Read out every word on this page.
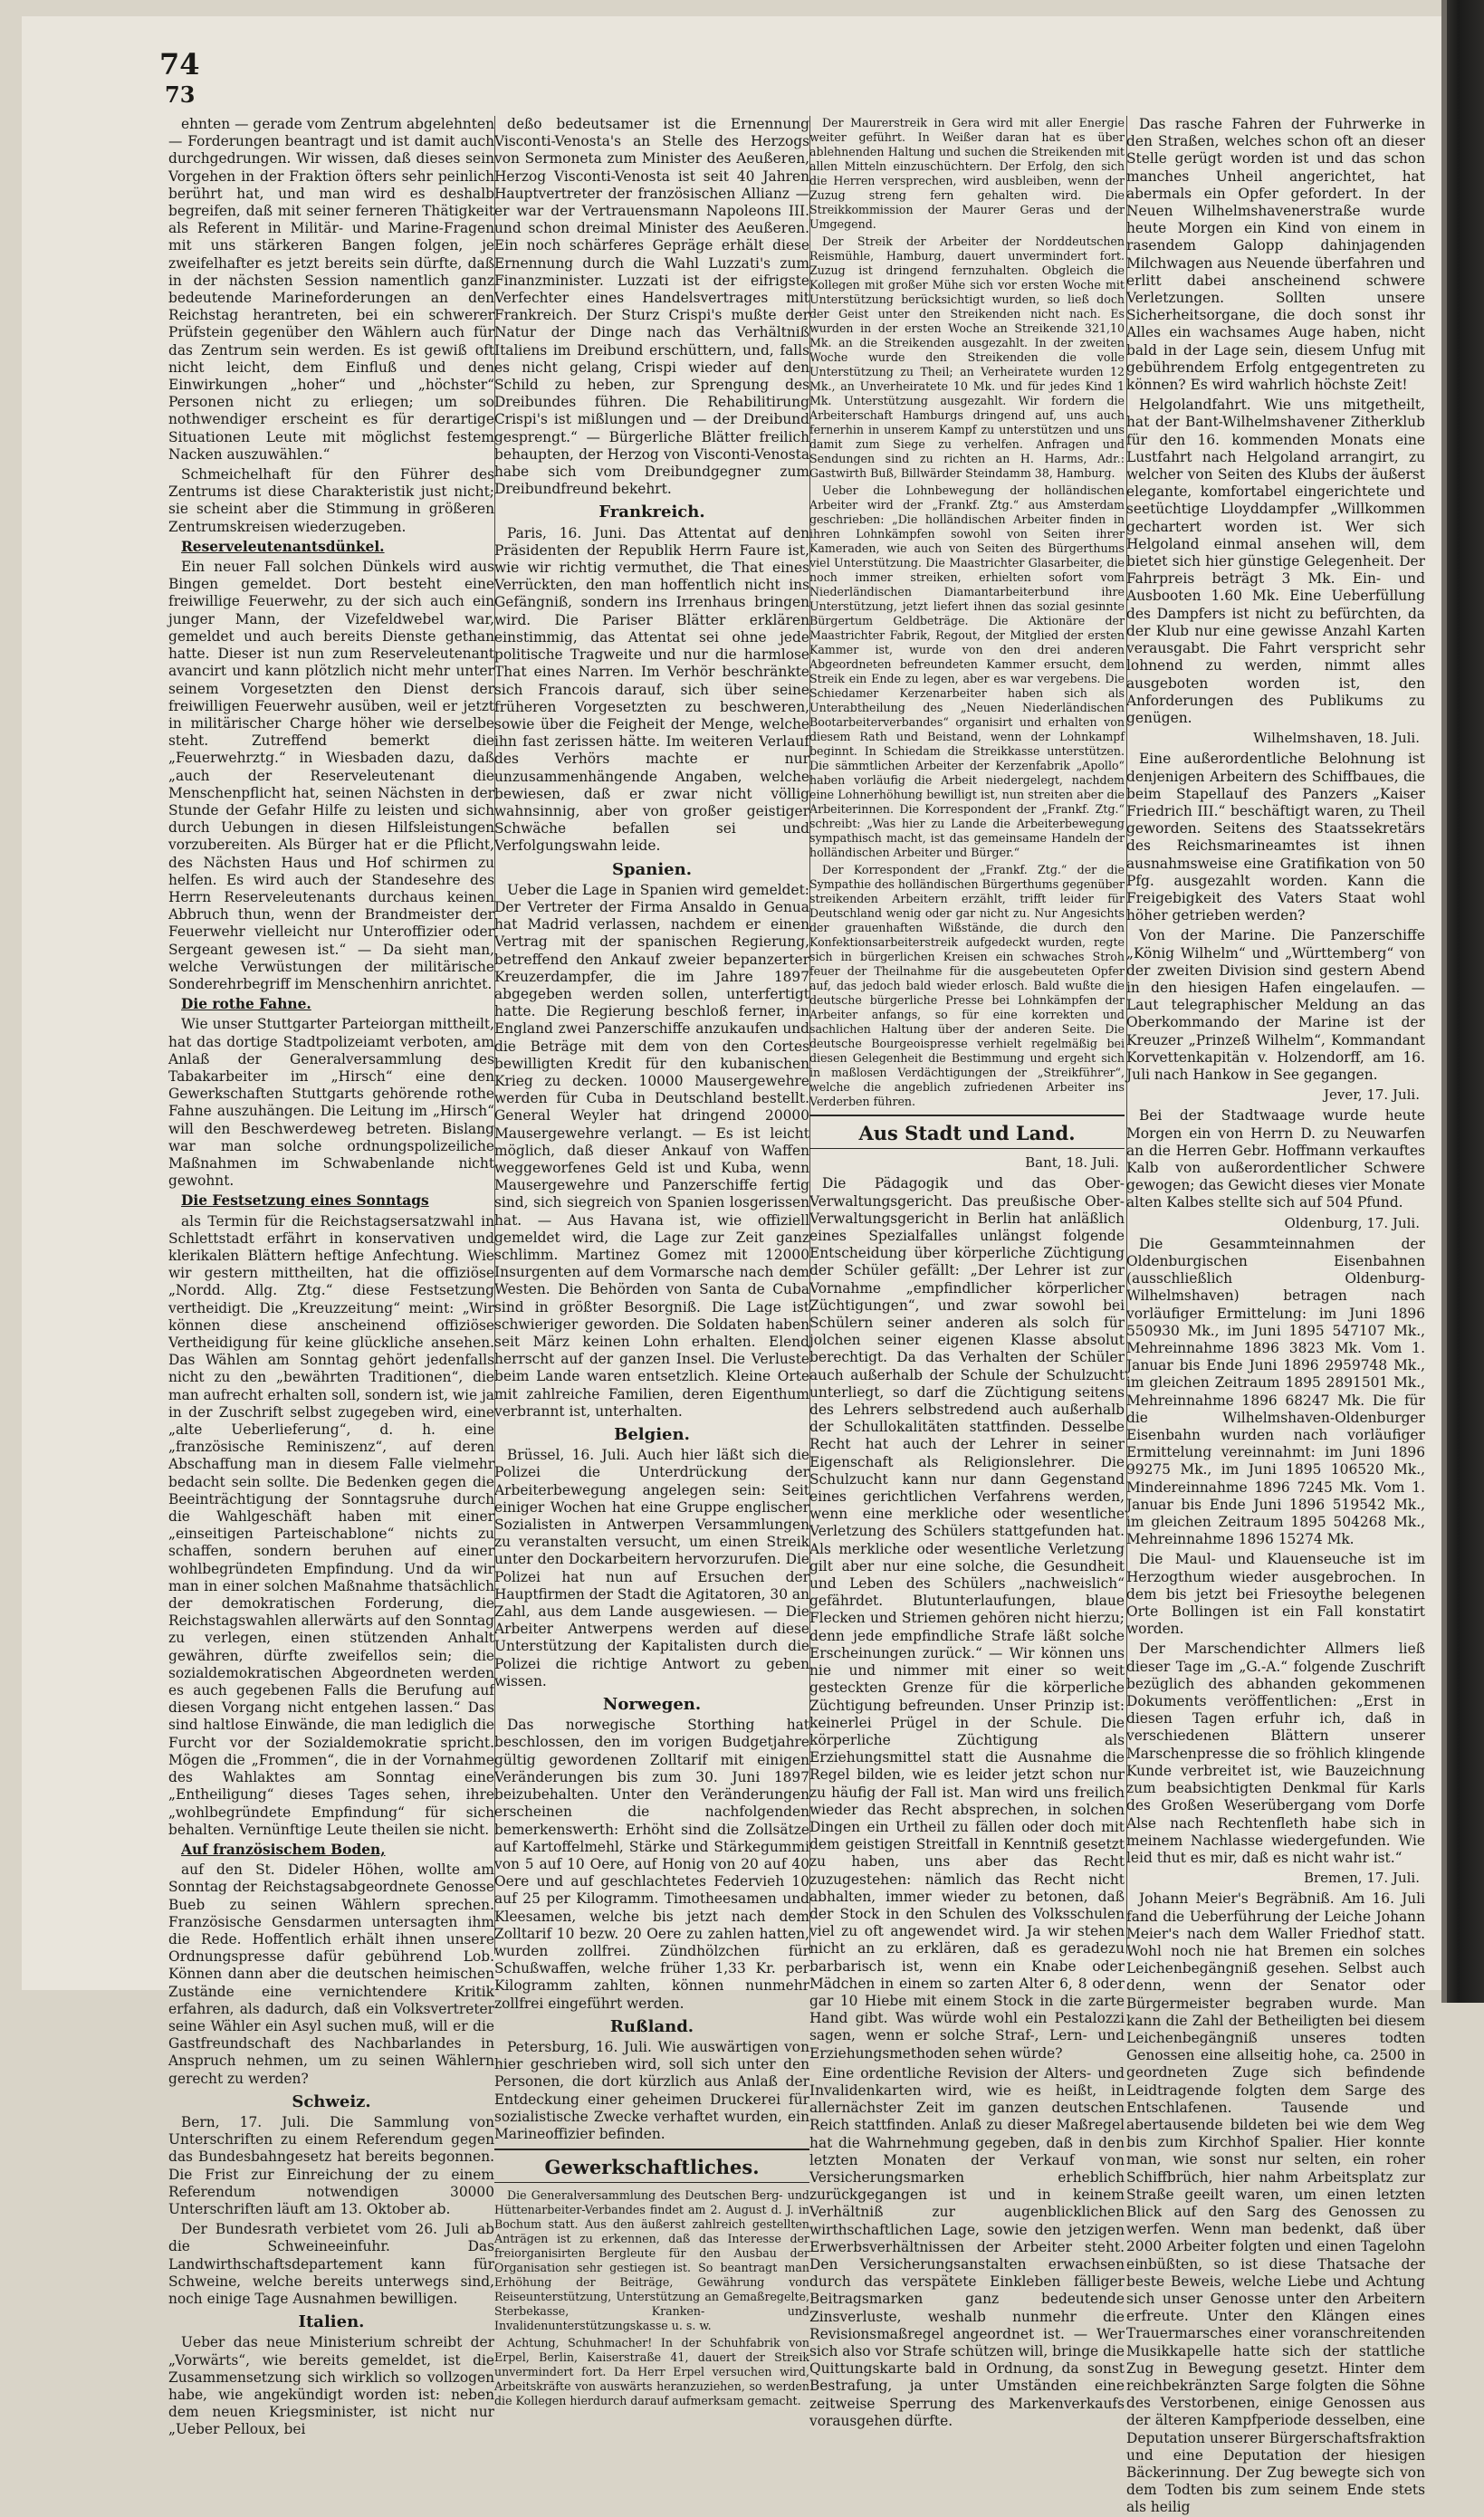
74
73

ehnten — gerade vom Zentrum abgelehnten — Forderungen beantragt und ist damit auch durchgedrungen. Wir wissen, daß dieses sein Vorgehen in der Fraktion öfters sehr peinlich berührt hat, und man wird es deshalb begreifen, daß mit seiner ferneren Thätigkeit als Referent in Militär- und Marine-Fragen mit uns stärkeren Bangen folgen, je zweifelhafter es jetzt bereits sein dürfte, daß in der nächsten Session namentlich ganz bedeutende Marineforderungen an den Reichstag herantreten, bei ein schwerer Prüfstein gegenüber den Wählern auch für das Zentrum sein werden. Es ist gewiß oft nicht leicht, dem Einfluß und den Einwirkungen „hoher“ und „höchster“ Personen nicht zu erliegen; um so nothwendiger erscheint es für derartige Situationen Leute mit möglichst festem Nacken auszuwählen.“

Schmeichelhaft für den Führer des Zentrums ist diese Charakteristik just nicht; sie scheint aber die Stimmung in größeren Zentrumskreisen wiederzugeben.

Reserveleutenantsdünkel.

Ein neuer Fall solchen Dünkels wird aus Bingen gemeldet. Dort besteht eine freiwillige Feuerwehr, zu der sich auch ein junger Mann, der Vizefeldwebel war, gemeldet und auch bereits Dienste gethan hatte. Dieser ist nun zum Reserveleutenant avancirt und kann plötzlich nicht mehr unter seinem Vorgesetzten den Dienst der freiwilligen Feuerwehr ausüben, weil er jetzt in militärischer Charge höher wie derselbe steht. Zutreffend bemerkt die „Feuerwehrztg.“ in Wiesbaden dazu, daß „auch der Reserveleutenant die Menschenpflicht hat, seinen Nächsten in der Stunde der Gefahr Hilfe zu leisten und sich durch Uebungen in diesen Hilfsleistungen vorzubereiten. Als Bürger hat er die Pflicht, des Nächsten Haus und Hof schirmen zu helfen. Es wird auch der Standesehre des Herrn Reserveleutenants durchaus keinen Abbruch thun, wenn der Brandmeister der Feuerwehr vielleicht nur Unteroffizier oder Sergeant gewesen ist.“ — Da sieht man, welche Verwüstungen der militärische Sonderehrbegriff im Menschenhirn anrichtet.

Die rothe Fahne.

Wie unser Stuttgarter Parteiorgan mittheilt, hat das dortige Stadtpolizeiamt verboten, am Anlaß der Generalversammlung des Tabakarbeiter im „Hirsch“ eine den Gewerkschaften Stuttgarts gehörende rothe Fahne auszuhängen. Die Leitung im „Hirsch“ will den Beschwerdeweg betreten. Bislang war man solche ordnungspolizeiliche Maßnahmen im Schwabenlande nicht gewohnt.

Die Festsetzung eines Sonntags

als Termin für die Reichstagsersatzwahl in Schlettstadt erfährt in konservativen und klerikalen Blättern heftige Anfechtung. Wie wir gestern mittheilten, hat die offiziöse „Nordd. Allg. Ztg.“ diese Festsetzung vertheidigt. Die „Kreuzzeitung“ meint: „Wir können diese anscheinend offiziöse Vertheidigung für keine glückliche ansehen. Das Wählen am Sonntag gehört jedenfalls nicht zu den „bewährten Traditionen“, die man aufrecht erhalten soll, sondern ist, wie ja in der Zuschrift selbst zugegeben wird, eine „alte Ueberlieferung“, d. h. eine „französische Reminiszenz“, auf deren Abschaffung man in diesem Falle vielmehr bedacht sein sollte. Die Bedenken gegen die Beeinträchtigung der Sonntagsruhe durch die Wahlgeschäft haben mit einer „einseitigen Parteischablone“ nichts zu schaffen, sondern beruhen auf einer wohlbegründeten Empfindung. Und da wir man in einer solchen Maßnahme thatsächlich der demokratischen Forderung, die Reichstagswahlen allerwärts auf den Sonntag zu verlegen, einen stützenden Anhalt gewähren, dürfte zweifellos sein; die sozialdemokratischen Abgeordneten werden es auch gegebenen Falls die Berufung auf diesen Vorgang nicht entgehen lassen.“ Das sind haltlose Einwände, die man lediglich die Furcht vor der Sozialdemokratie spricht. Mögen die „Frommen“, die in der Vornahme des Wahlaktes am Sonntag eine „Entheiligung“ dieses Tages sehen, ihre „wohlbegründete Empfindung“ für sich behalten. Vernünftige Leute theilen sie nicht.

Auf französischem Boden,

auf den St. Dideler Höhen, wollte am Sonntag der Reichstagsabgeordnete Genosse Bueb zu seinen Wählern sprechen. Französische Gensdarmen untersagten ihm die Rede. Hoffentlich erhält ihnen unsere Ordnungspresse dafür gebührend Lob. Können dann aber die deutschen heimischen Zustände eine vernichtendere Kritik erfahren, als dadurch, daß ein Volksvertreter seine Wähler ein Asyl suchen muß, will er die Gastfreundschaft des Nachbarlandes in Anspruch nehmen, um zu seinen Wählern gerecht zu werden?

Schweiz.

Bern, 17. Juli. Die Sammlung von Unterschriften zu einem Referendum gegen das Bundesbahngesetz hat bereits begonnen. Die Frist zur Einreichung der zu einem Referendum notwendigen 30000 Unterschriften läuft am 13. Oktober ab.

Der Bundesrath verbietet vom 26. Juli ab die Schweineeinfuhr. Das Landwirthschaftsdepartement kann für Schweine, welche bereits unterwegs sind, noch einige Tage Ausnahmen bewilligen.

Italien.

Ueber das neue Ministerium schreibt der „Vorwärts“, wie bereits gemeldet, ist die Zusammensetzung sich wirklich so vollzogen habe, wie angekündigt worden ist: neben dem neuen Kriegsminister, ist nicht nur „Ueber Pelloux, bei

deßo bedeutsamer ist die Ernennung Visconti-Venosta's an Stelle des Herzogs von Sermoneta zum Minister des Aeußeren, Herzog Visconti-Venosta ist seit 40 Jahren Hauptvertreter der französischen Allianz — er war der Vertrauensmann Napoleons III. und schon dreimal Minister des Aeußeren. Ein noch schärferes Gepräge erhält diese Ernennung durch die Wahl Luzzati's zum Finanzminister. Luzzati ist der eifrigste Verfechter eines Handelsvertrages mit Frankreich. Der Sturz Crispi's mußte der Natur der Dinge nach das Verhältniß Italiens im Dreibund erschüttern, und, falls es nicht gelang, Crispi wieder auf den Schild zu heben, zur Sprengung des Dreibundes führen. Die Rehabilitirung Crispi's ist mißlungen und — der Dreibund gesprengt.“ — Bürgerliche Blätter freilich behaupten, der Herzog von Visconti-Venosta habe sich vom Dreibundgegner zum Dreibundfreund bekehrt.

Frankreich.

Paris, 16. Juni. Das Attentat auf den Präsidenten der Republik Herrn Faure ist, wie wir richtig vermuthet, die That eines Verrückten, den man hoffentlich nicht ins Gefängniß, sondern ins Irrenhaus bringen wird. Die Pariser Blätter erklären einstimmig, das Attentat sei ohne jede politische Tragweite und nur die harmlose That eines Narren. Im Verhör beschränkte sich Francois darauf, sich über seine früheren Vorgesetzten zu beschweren, sowie über die Feigheit der Menge, welche ihn fast zerissen hätte. Im weiteren Verlauf des Verhörs machte er nur unzusammenhängende Angaben, welche bewiesen, daß er zwar nicht völlig wahnsinnig, aber von großer geistiger Schwäche befallen sei und Verfolgungswahn leide.

Spanien.

Ueber die Lage in Spanien wird gemeldet: Der Vertreter der Firma Ansaldo in Genua hat Madrid verlassen, nachdem er einen Vertrag mit der spanischen Regierung, betreffend den Ankauf zweier bepanzerter Kreuzerdampfer, die im Jahre 1897 abgegeben werden sollen, unterfertigt hatte. Die Regierung beschloß ferner, in England zwei Panzerschiffe anzukaufen und die Beträge mit dem von den Cortes bewilligten Kredit für den kubanischen Krieg zu decken. 10000 Mausergewehre werden für Cuba in Deutschland bestellt. General Weyler hat dringend 20000 Mausergewehre verlangt. — Es ist leicht möglich, daß dieser Ankauf von Waffen weggeworfenes Geld ist und Kuba, wenn Mausergewehre und Panzerschiffe fertig sind, sich siegreich von Spanien losgerissen hat. — Aus Havana ist, wie offiziell gemeldet wird, die Lage zur Zeit ganz schlimm. Martinez Gomez mit 12000 Insurgenten auf dem Vormarsche nach dem Westen. Die Behörden von Santa de Cuba sind in größter Besorgniß. Die Lage ist schwieriger geworden. Die Soldaten haben seit März keinen Lohn erhalten. Elend herrscht auf der ganzen Insel. Die Verluste beim Lande waren entsetzlich. Kleine Orte mit zahlreiche Familien, deren Eigenthum verbrannt ist, unterhalten.

Belgien.

Brüssel, 16. Juli. Auch hier läßt sich die Polizei die Unterdrückung der Arbeiterbewegung angelegen sein: Seit einiger Wochen hat eine Gruppe englischer Sozialisten in Antwerpen Versammlungen zu veranstalten versucht, um einen Streik unter den Dockarbeitern hervorzurufen. Die Polizei hat nun auf Ersuchen der Hauptfirmen der Stadt die Agitatoren, 30 an Zahl, aus dem Lande ausgewiesen. — Die Arbeiter Antwerpens werden auf diese Unterstützung der Kapitalisten durch die Polizei die richtige Antwort zu geben wissen.

Norwegen.

Das norwegische Storthing hat beschlossen, den im vorigen Budgetjahre gültig gewordenen Zolltarif mit einigen Veränderungen bis zum 30. Juni 1897 beizubehalten. Unter den Veränderungen erscheinen die nachfolgenden bemerkenswerth: Erhöht sind die Zollsätze auf Kartoffelmehl, Stärke und Stärkegummi von 5 auf 10 Oere, auf Honig von 20 auf 40 Oere und auf geschlachtetes Federvieh 10 auf 25 per Kilogramm. Timotheesamen und Kleesamen, welche bis jetzt nach dem Zolltarif 10 bezw. 20 Oere zu zahlen hatten, wurden zollfrei. Zündhölzchen für Schußwaffen, welche früher 1,33 Kr. per Kilogramm zahlten, können nunmehr zollfrei eingeführt werden.

Rußland.

Petersburg, 16. Juli. Wie auswärtigen von hier geschrieben wird, soll sich unter den Personen, die dort kürzlich aus Anlaß der Entdeckung einer geheimen Druckerei für sozialistische Zwecke verhaftet wurden, ein Marineoffizier befinden.

Gewerkschaftliches.

Die Generalversammlung des Deutschen Berg- und Hüttenarbeiter-Verbandes findet am 2. August d. J. in Bochum statt. Aus den äußerst zahlreich gestellten Anträgen ist zu erkennen, daß das Interesse der freiorganisirten Bergleute für den Ausbau der Organisation sehr gestiegen ist. So beantragt man Erhöhung der Beiträge, Gewährung von Reiseunterstützung, Unterstützung an Gemaßregelte, Sterbekasse, Kranken- und Invalidenunterstützungskasse u. s. w.

Achtung, Schuhmacher! In der Schuhfabrik von Erpel, Berlin, Kaiserstraße 41, dauert der Streik unvermindert fort. Da Herr Erpel versuchen wird, Arbeitskräfte von auswärts heranzuziehen, so werden die Kollegen hierdurch darauf aufmerksam gemacht.

Der Maurerstreik in Gera wird mit aller Energie weiter geführt. In Weißer daran hat es über ablehnenden Haltung und suchen die Streikenden mit allen Mitteln einzuschüchtern. Der Erfolg, den sich die Herren versprechen, wird ausbleiben, wenn der Zuzug streng fern gehalten wird. Die Streikkommission der Maurer Geras und der Umgegend.

Der Streik der Arbeiter der Norddeutschen Reismühle, Hamburg, dauert unvermindert fort. Zuzug ist dringend fernzuhalten. Obgleich die Kollegen mit großer Mühe sich vor ersten Woche mit Unterstützung berücksichtigt wurden, so ließ doch der Geist unter den Streikenden nicht nach. Es wurden in der ersten Woche an Streikende 321,10 Mk. an die Streikenden ausgezahlt. In der zweiten Woche wurde den Streikenden die volle Unterstützung zu Theil; an Verheiratete wurden 12 Mk., an Unverheiratete 10 Mk. und für jedes Kind 1 Mk. Unterstützung ausgezahlt. Wir fordern die Arbeiterschaft Hamburgs dringend auf, uns auch fernerhin in unserem Kampf zu unterstützen und uns damit zum Siege zu verhelfen. Anfragen und Sendungen sind zu richten an H. Harms, Adr.: Gastwirth Buß, Billwärder Steindamm 38, Hamburg.

Ueber die Lohnbewegung der holländischen Arbeiter wird der „Frankf. Ztg.“ aus Amsterdam geschrieben: „Die holländischen Arbeiter finden in ihren Lohnkämpfen sowohl von Seiten ihrer Kameraden, wie auch von Seiten des Bürgerthums viel Unterstützung. Die Maastrichter Glasarbeiter, die noch immer streiken, erhielten sofort vom Niederländischen Diamantarbeiterbund ihre Unterstützung, jetzt liefert ihnen das sozial gesinnte Bürgertum Geldbeträge. Die Aktionäre der Maastrichter Fabrik, Regout, der Mitglied der ersten Kammer ist, wurde von den drei anderen Abgeordneten befreundeten Kammer ersucht, dem Streik ein Ende zu legen, aber es war vergebens. Die Schiedamer Kerzenarbeiter haben sich als Unterabtheilung des „Neuen Niederländischen Bootarbeiterverbandes“ organisirt und erhalten von diesem Rath und Beistand, wenn der Lohnkampf beginnt. In Schiedam die Streikkasse unterstützen. Die sämmtlichen Arbeiter der Kerzenfabrik „Apollo“ haben vorläufig die Arbeit niedergelegt, nachdem eine Lohnerhöhung bewilligt ist, nun streiten aber die Arbeiterinnen. Die Korrespondent der „Frankf. Ztg.“ schreibt: „Was hier zu Lande die Arbeiterbewegung sympathisch macht, ist das gemeinsame Handeln der holländischen Arbeiter und Bürger.“

Der Korrespondent der „Frankf. Ztg.“ der die Sympathie des holländischen Bürgerthums gegenüber streikenden Arbeitern erzählt, trifft leider für Deutschland wenig oder gar nicht zu. Nur Angesichts der grauenhaften Wißstände, die durch den Konfektionsarbeiterstreik aufgedeckt wurden, regte sich in bürgerlichen Kreisen ein schwaches Stroh feuer der Theilnahme für die ausgebeuteten Opfer auf, das jedoch bald wieder erlosch. Bald wußte die deutsche bürgerliche Presse bei Lohnkämpfen der Arbeiter anfangs, so für eine korrekten und sachlichen Haltung über der anderen Seite. Die deutsche Bourgeoispresse verhielt regelmäßig bei diesen Gelegenheit die Bestimmung und ergeht sich in maßlosen Verdächtigungen der „Streikführer“, welche die angeblich zufriedenen Arbeiter ins Verderben führen.

Aus Stadt und Land.
Bant, 18. Juli.

Die Pädagogik und das Ober-Verwaltungsgericht. Das preußische Ober-Verwaltungsgericht in Berlin hat anläßlich eines Spezialfalles unlängst folgende Entscheidung über körperliche Züchtigung der Schüler gefällt: „Der Lehrer ist zur Vornahme „empfindlicher körperlicher Züchtigungen“, und zwar sowohl bei Schülern seiner anderen als solch für jolchen seiner eigenen Klasse absolut berechtigt. Da das Verhalten der Schüler auch außerhalb der Schule der Schulzucht unterliegt, so darf die Züchtigung seitens des Lehrers selbstredend auch außerhalb der Schullokalitäten stattfinden. Desselbe Recht hat auch der Lehrer in seiner Eigenschaft als Religionslehrer. Die Schulzucht kann nur dann Gegenstand eines gerichtlichen Verfahrens werden, wenn eine merkliche oder wesentliche Verletzung des Schülers stattgefunden hat. Als merkliche oder wesentliche Verletzung gilt aber nur eine solche, die Gesundheit und Leben des Schülers „nachweislich“ gefährdet. Blutunterlaufungen, blaue Flecken und Striemen gehören nicht hierzu; denn jede empfindliche Strafe läßt solche Erscheinungen zurück.“ — Wir können uns nie und nimmer mit einer so weit gesteckten Grenze für die körperliche Züchtigung befreunden. Unser Prinzip ist: keinerlei Prügel in der Schule. Die körperliche Züchtigung als Erziehungsmittel statt die Ausnahme die Regel bilden, wie es leider jetzt schon nur zu häufig der Fall ist. Man wird uns freilich wieder das Recht absprechen, in solchen Dingen ein Urtheil zu fällen oder doch mit dem geistigen Streitfall in Kenntniß gesetzt zu haben, uns aber das Recht zuzugestehen: nämlich das Recht nicht abhalten, immer wieder zu betonen, daß der Stock in den Schulen des Volksschulen viel zu oft angewendet wird. Ja wir stehen nicht an zu erklären, daß es geradezu barbarisch ist, wenn ein Knabe oder Mädchen in einem so zarten Alter 6, 8 oder gar 10 Hiebe mit einem Stock in die zarte Hand gibt. Was würde wohl ein Pestalozzi sagen, wenn er solche Straf-, Lern- und Erziehungsmethoden sehen würde?

Eine ordentliche Revision der Alters- und Invalidenkarten wird, wie es heißt, in allernächster Zeit im ganzen deutschen Reich stattfinden. Anlaß zu dieser Maßregel hat die Wahrnehmung gegeben, daß in den letzten Monaten der Verkauf von Versicherungsmarken erheblich zurückgegangen ist und in keinem Verhältniß zur augenblicklichen wirthschaftlichen Lage, sowie den jetzigen Erwerbsverhältnissen der Arbeiter steht. Den Versicherungsanstalten erwachsen durch das verspätete Einkleben fälliger Beitragsmarken ganz bedeutende Zinsverluste, weshalb nunmehr die Revisionsmaßregel angeordnet ist. — Wer sich also vor Strafe schützen will, bringe die Quittungskarte bald in Ordnung, da sonst Bestrafung, ja unter Umständen eine zeitweise Sperrung des Markenverkaufs vorausgehen dürfte.

Das rasche Fahren der Fuhrwerke in den Straßen, welches schon oft an dieser Stelle gerügt worden ist und das schon manches Unheil angerichtet, hat abermals ein Opfer gefordert. In der Neuen Wilhelmshavenerstraße wurde heute Morgen ein Kind von einem in rasendem Galopp dahinjagenden Milchwagen aus Neuende überfahren und erlitt dabei anscheinend schwere Verletzungen. Sollten unsere Sicherheitsorgane, die doch sonst ihr Alles ein wachsames Auge haben, nicht bald in der Lage sein, diesem Unfug mit gebührendem Erfolg entgegentreten zu können? Es wird wahrlich höchste Zeit!

Helgolandfahrt. Wie uns mitgetheilt, hat der Bant-Wilhelmshavener Zitherklub für den 16. kommenden Monats eine Lustfahrt nach Helgoland arrangirt, zu welcher von Seiten des Klubs der äußerst elegante, komfortabel eingerichtete und seetüchtige Lloyddampfer „Willkommen gechartert worden ist. Wer sich Helgoland einmal ansehen will, dem bietet sich hier günstige Gelegenheit. Der Fahrpreis beträgt 3 Mk. Ein- und Ausbooten 1.60 Mk. Eine Ueberfüllung des Dampfers ist nicht zu befürchten, da der Klub nur eine gewisse Anzahl Karten verausgabt. Die Fahrt verspricht sehr lohnend zu werden, nimmt alles ausgeboten worden ist, den Anforderungen des Publikums zu genügen.

Wilhelmshaven, 18. Juli.

Eine außerordentliche Belohnung ist denjenigen Arbeitern des Schiffbaues, die beim Stapellauf des Panzers „Kaiser Friedrich III.“ beschäftigt waren, zu Theil geworden. Seitens des Staatssekretärs des Reichsmarineamtes ist ihnen ausnahmsweise eine Gratifikation von 50 Pfg. ausgezahlt worden. Kann die Freigebigkeit des Vaters Staat wohl höher getrieben werden?

Von der Marine. Die Panzerschiffe „König Wilhelm“ und „Württemberg“ von der zweiten Division sind gestern Abend in den hiesigen Hafen eingelaufen. — Laut telegraphischer Meldung an das Oberkommando der Marine ist der Kreuzer „Prinzeß Wilhelm“, Kommandant Korvettenkapitän v. Holzendorff, am 16. Juli nach Hankow in See gegangen.

Jever, 17. Juli.

Bei der Stadtwaage wurde heute Morgen ein von Herrn D. zu Neuwarfen an die Herren Gebr. Hoffmann verkauftes Kalb von außerordentlicher Schwere gewogen; das Gewicht dieses vier Monate alten Kalbes stellte sich auf 504 Pfund.

Oldenburg, 17. Juli.

Die Gesammteinnahmen der Oldenburgischen Eisenbahnen (ausschließlich Oldenburg-Wilhelmshaven) betragen nach vorläufiger Ermittelung: im Juni 1896 550930 Mk., im Juni 1895 547107 Mk., Mehreinnahme 1896 3823 Mk. Vom 1. Januar bis Ende Juni 1896 2959748 Mk., im gleichen Zeitraum 1895 2891501 Mk., Mehreinnahme 1896 68247 Mk. Die für die Wilhelmshaven-Oldenburger Eisenbahn wurden nach vorläufiger Ermittelung vereinnahmt: im Juni 1896 99275 Mk., im Juni 1895 106520 Mk., Mindereinnahme 1896 7245 Mk. Vom 1. Januar bis Ende Juni 1896 519542 Mk., im gleichen Zeitraum 1895 504268 Mk., Mehreinnahme 1896 15274 Mk.

Die Maul- und Klauenseuche ist im Herzogthum wieder ausgebrochen. In dem bis jetzt bei Friesoythe belegenen Orte Bollingen ist ein Fall konstatirt worden.

Der Marschendichter Allmers ließ dieser Tage im „G.-A.“ folgende Zuschrift bezüglich des abhanden gekommenen Dokuments veröffentlichen: „Erst in diesen Tagen erfuhr ich, daß in verschiedenen Blättern unserer Marschenpresse die so fröhlich klingende Kunde verbreitet ist, wie Bauzeichnung zum beabsichtigten Denkmal für Karls des Großen Weserübergang vom Dorfe Alse nach Rechtenfleth habe sich in meinem Nachlasse wiedergefunden. Wie leid thut es mir, daß es nicht wahr ist.“

Bremen, 17. Juli.

Johann Meier's Begräbniß. Am 16. Juli fand die Ueberführung der Leiche Johann Meier's nach dem Waller Friedhof statt. Wohl noch nie hat Bremen ein solches Leichenbegängniß gesehen. Selbst auch denn, wenn der Senator oder Bürgermeister begraben wurde. Man kann die Zahl der Betheiligten bei diesem Leichenbegängniß unseres todten Genossen eine allseitig hohe, ca. 2500 in geordneten Zuge sich befindende Leidtragende folgten dem Sarge des Entschlafenen. Tausende und abertausende bildeten bei wie dem Weg bis zum Kirchhof Spalier. Hier konnte man, wie sonst nur selten, ein roher Schiffbrüch, hier nahm Arbeitsplatz zur Straße geeilt waren, um einen letzten Blick auf den Sarg des Genossen zu werfen. Wenn man bedenkt, daß über 2000 Arbeiter folgten und einen Tagelohn einbüßten, so ist diese Thatsache der beste Beweis, welche Liebe und Achtung sich unser Genosse unter den Arbeitern erfreute. Unter den Klängen eines Trauermarsches einer voranschreitenden Musikkapelle hatte sich der stattliche Zug in Bewegung gesetzt. Hinter dem reichbekränzten Sarge folgten die Söhne des Verstorbenen, einige Genossen aus der älteren Kampfperiode desselben, eine Deputation unserer Bürgerschaftsfraktion und eine Deputation der hiesigen Bäckerinnung. Der Zug bewegte sich von dem Todten bis zum seinem Ende stets als heilig
